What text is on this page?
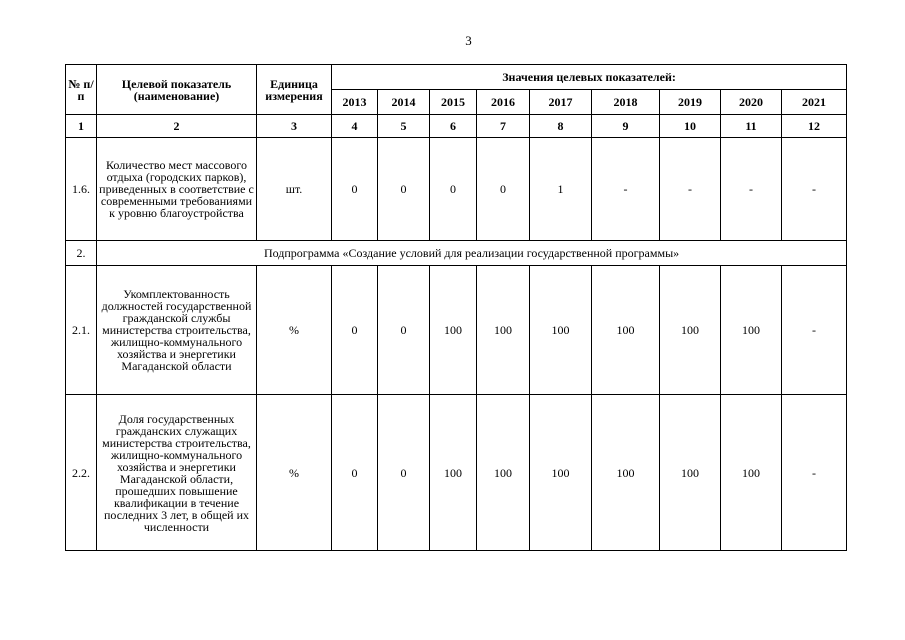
3
№ п/п	Целевой показатель (наименование)	Единица измерения	Значения целевых показателей:								
			2013	2014	2015	2016	2017	2018	2019	2020	2021
1	2	3	4	5	6	7	8	9	10	11	12
1.6.	Количество мест массового отдыха (городских парков), приведенных в соответствие с современными требованиями к уровню благоустройства	шт.	0	0	0	0	1	-	-	-	-
2.	Подпрограмма «Создание условий для реализации государственной программы»										
2.1.	Укомплектованность должностей государственной гражданской службы министерства строительства, жилищно-коммунального хозяйства и энергетики Магаданской области	%	0	0	100	100	100	100	100	100	-
2.2.	Доля государственных гражданских служащих министерства строительства, жилищно-коммунального хозяйства и энергетики Магаданской области, прошедших повышение квалификации в течение последних 3 лет, в общей их численности	%	0	0	100	100	100	100	100	100	-
